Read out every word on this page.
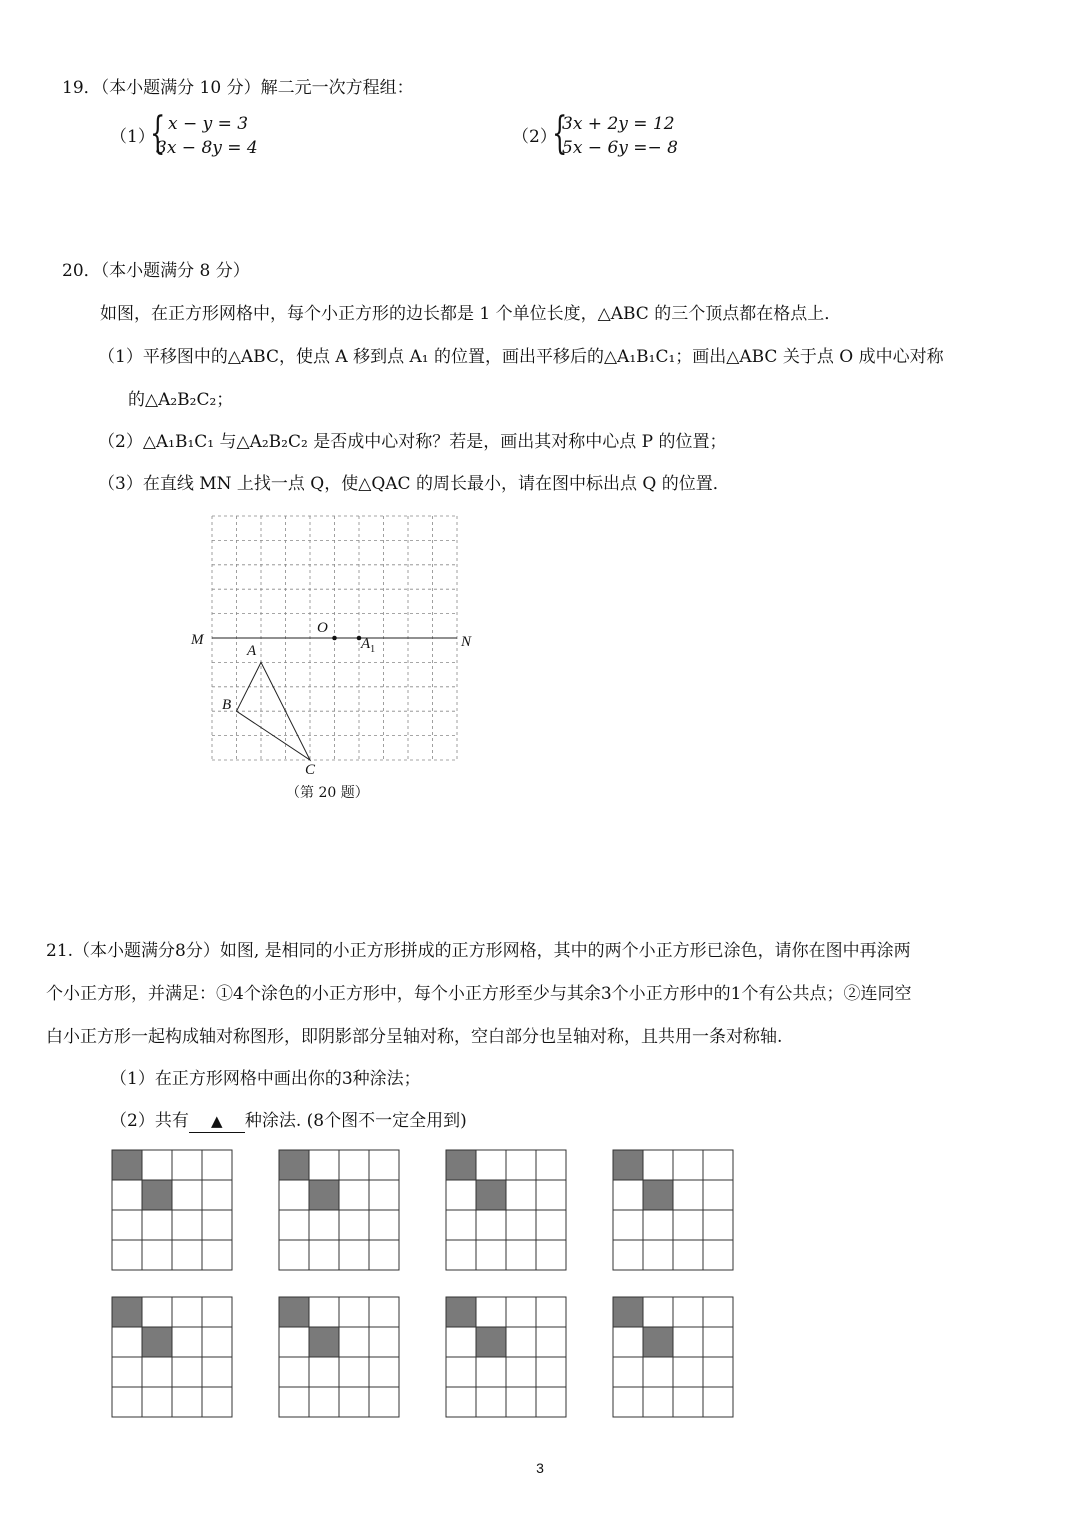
19．（本小题满分 10 分）解二元一次方程组：
（1）
{ x − y = 3
3x − 8y = 4
（2）
{
3x + 2y = 12
5x − 6y =− 8
20．（本小题满分 8 分）
如图，在正方形网格中，每个小正方形的边长都是 1 个单位长度，△ABC 的三个顶点都在格点上．
（1）平移图中的△ABC，使点 A 移到点 A₁ 的位置，画出平移后的△A₁B₁C₁；画出△ABC 关于点 O 成中心对称
的△A₂B₂C₂；
（2）△A₁B₁C₁ 与△A₂B₂C₂ 是否成中心对称？若是，画出其对称中心点 P 的位置；
（3）在直线 MN 上找一点 Q，使△QAC 的周长最小，请在图中标出点 Q 的位置．
M	N
O
$A_1$
A
B
C
（第 20 题）
21.（本小题满分8分）如图, 是相同的小正方形拼成的正方形网格，其中的两个小正方形已涂色，请你在图中再涂两
个小正方形，并满足：①4个涂色的小正方形中，每个小正方形至少与其余3个小正方形中的1个有公共点；②连同空
白小正方形一起构成轴对称图形，即阴影部分呈轴对称，空白部分也呈轴对称，且共用一条对称轴.
（1）在正方形网格中画出你的3种涂法；
（2）共有 ▲ 种涂法. (8个图不一定全用到)
3
